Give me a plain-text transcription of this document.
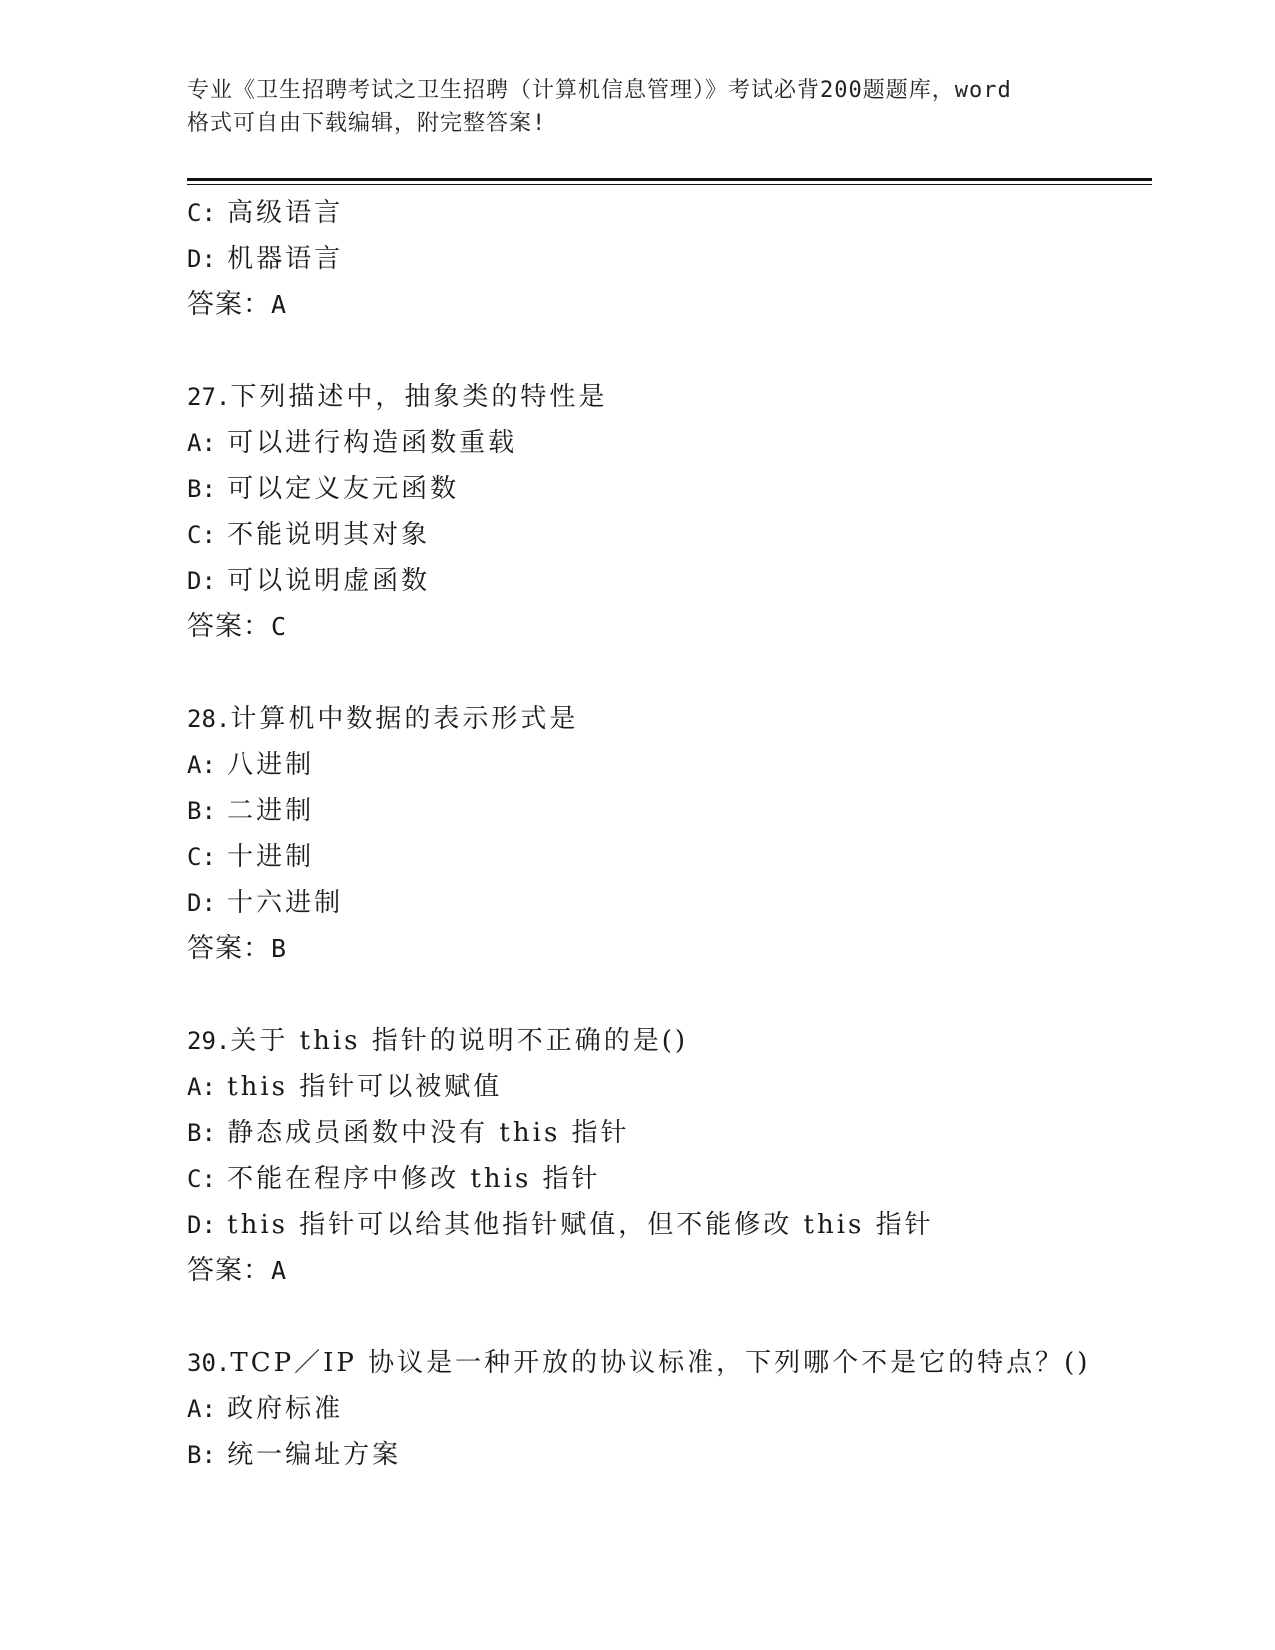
专业《卫生招聘考试之卫生招聘（计算机信息管理）》考试必背200题题库，word
格式可自由下载编辑，附完整答案!
C: 高级语言
D: 机器语言
答案：A
27.下列描述中，抽象类的特性是
A: 可以进行构造函数重载
B: 可以定义友元函数
C: 不能说明其对象
D: 可以说明虚函数
答案：C
28.计算机中数据的表示形式是
A: 八进制
B: 二进制
C: 十进制
D: 十六进制
答案：B
29.关于 this 指针的说明不正确的是()
A: this 指针可以被赋值
B: 静态成员函数中没有 this 指针
C: 不能在程序中修改 this 指针
D: this 指针可以给其他指针赋值，但不能修改 this 指针
答案：A
30.TCP／IP 协议是一种开放的协议标准，下列哪个不是它的特点？()
A: 政府标准
B: 统一编址方案
